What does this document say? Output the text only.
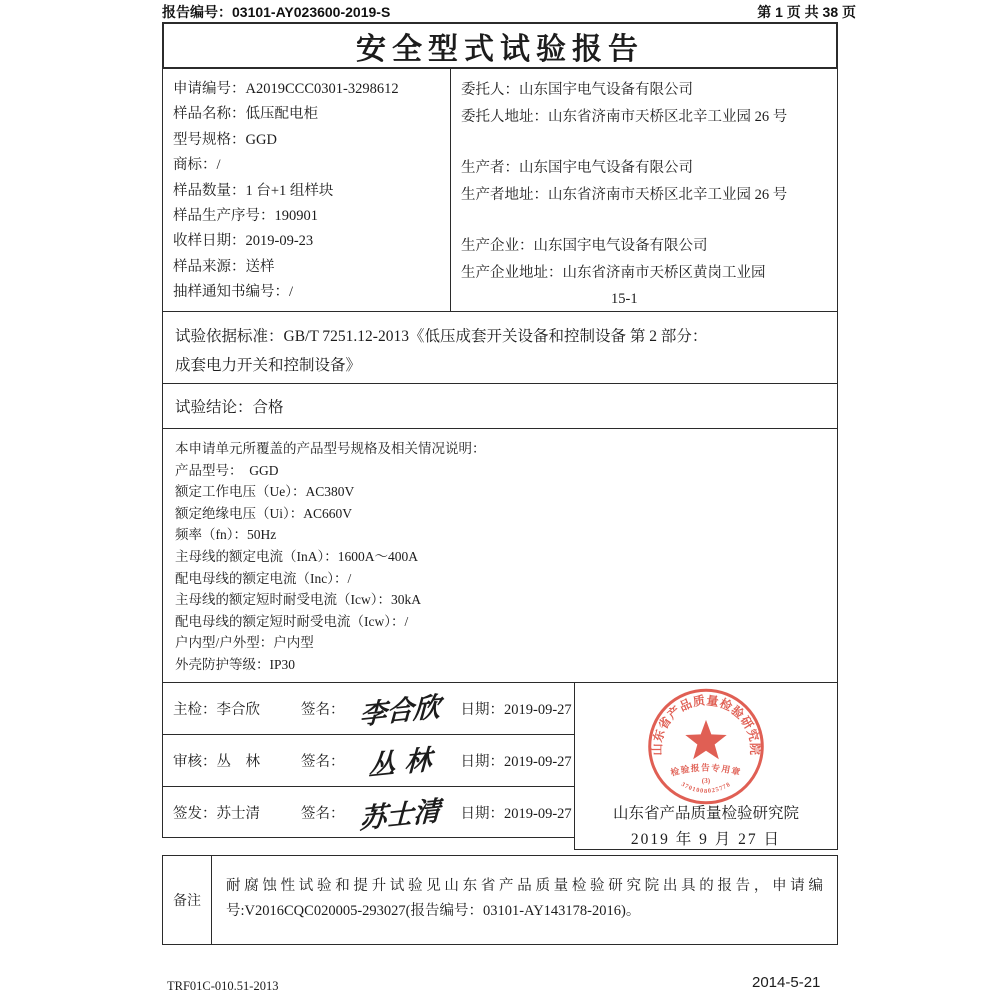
报告编号：03101-AY023600-2019-S	第 1 页 共 38 页
安全型式试验报告
申请编号：A2019CCC0301-3298612
样品名称：低压配电柜
型号规格：GGD
商标：/
样品数量：1 台+1 组样块
样品生产序号：190901
收样日期：2019-09-23
样品来源：送样
抽样通知书编号：/
委托人：山东国宇电气设备有限公司
委托人地址：山东省济南市天桥区北辛工业园 26 号
生产者：山东国宇电气设备有限公司
生产者地址：山东省济南市天桥区北辛工业园 26 号
生产企业：山东国宇电气设备有限公司
生产企业地址：山东省济南市天桥区黄岗工业园
15-1
试验依据标准：GB/T 7251.12-2013《低压成套开关设备和控制设备 第 2 部分：
成套电力开关和控制设备》
试验结论：合格
本申请单元所覆盖的产品型号规格及相关情况说明：
产品型号：　GGD
额定工作电压（Ue）：AC380V
额定绝缘电压（Ui）：AC660V
频率（fn）：50Hz
主母线的额定电流（InA）：1600A～400A
配电母线的额定电流（Inc）：/
主母线的额定短时耐受电流（Icw）：30kA
配电母线的额定短时耐受电流（Icw）：/
户内型/户外型：户内型
外壳防护等级：IP30
主检：李合欣	签名： 李合欣	日期：2019-09-27
审核：丛　林	签名： 丛 林	日期：2019-09-27
签发：苏士清	签名： 苏士清	日期：2019-09-27
山东省产品质量检验研究院
检验报告专用章
(3)
3701008025778
山东省产品质量检验研究院
2019 年 9 月 27 日
备注
耐腐蚀性试验和提升试验见山东省产品质量检验研究院出具的报告，申请编
号:V2016CQC020005-293027(报告编号：03101-AY143178-2016)。
TRF01C-010.51-2013	2014-5-21
